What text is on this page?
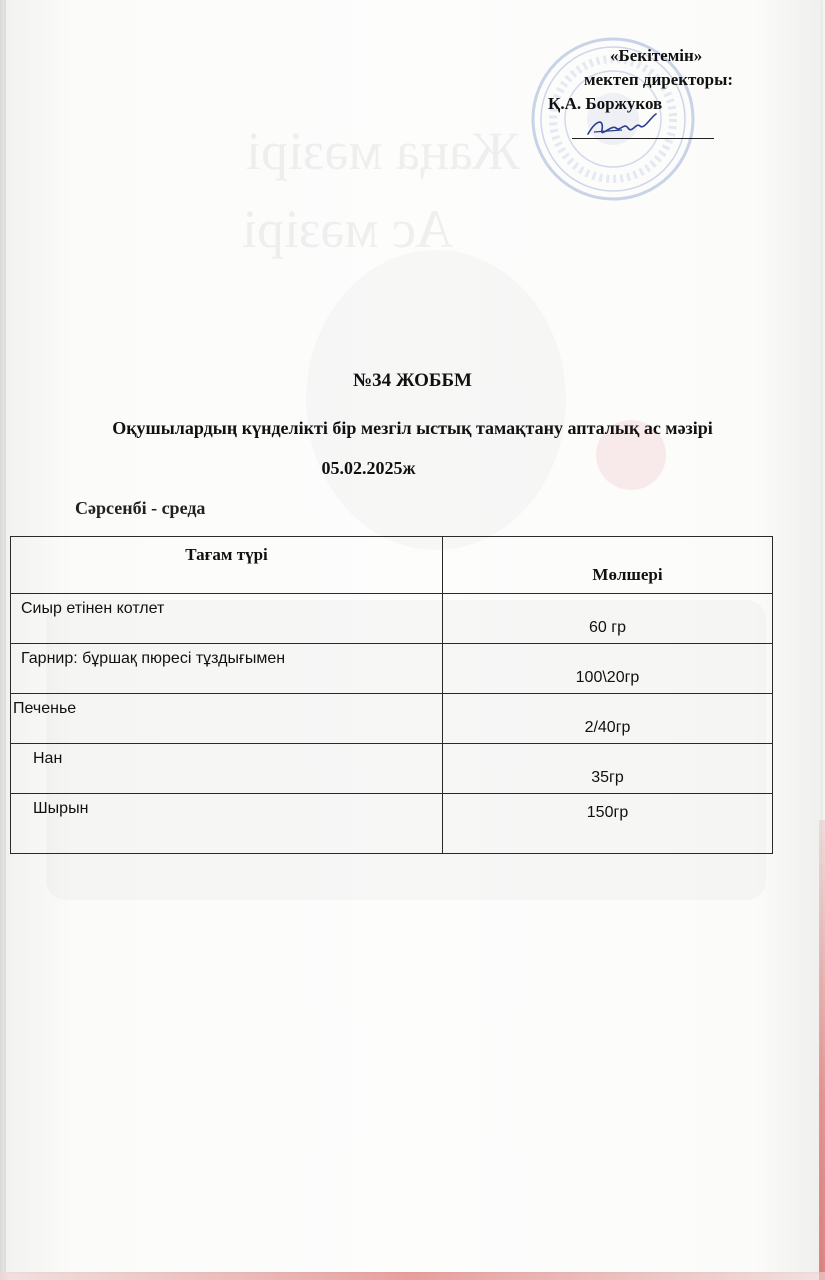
Жаңа мәзірі
Ас мәзірі
«Бекітемін»
мектеп директоры:
Қ.А. Боржуков
№34 ЖОББМ
Оқушылардың күнделікті бір мезгіл ыстық тамақтану апталық ас мәзірі
05.02.2025ж
Сәрсенбі - среда
Тағам түрі	Мөлшері
Сиыр етінен котлет	60 гр
Гарнир: бұршақ пюресі тұздығымен	100\20гр
Печенье	2/40гр
Нан	35гр
Шырын	150гр
